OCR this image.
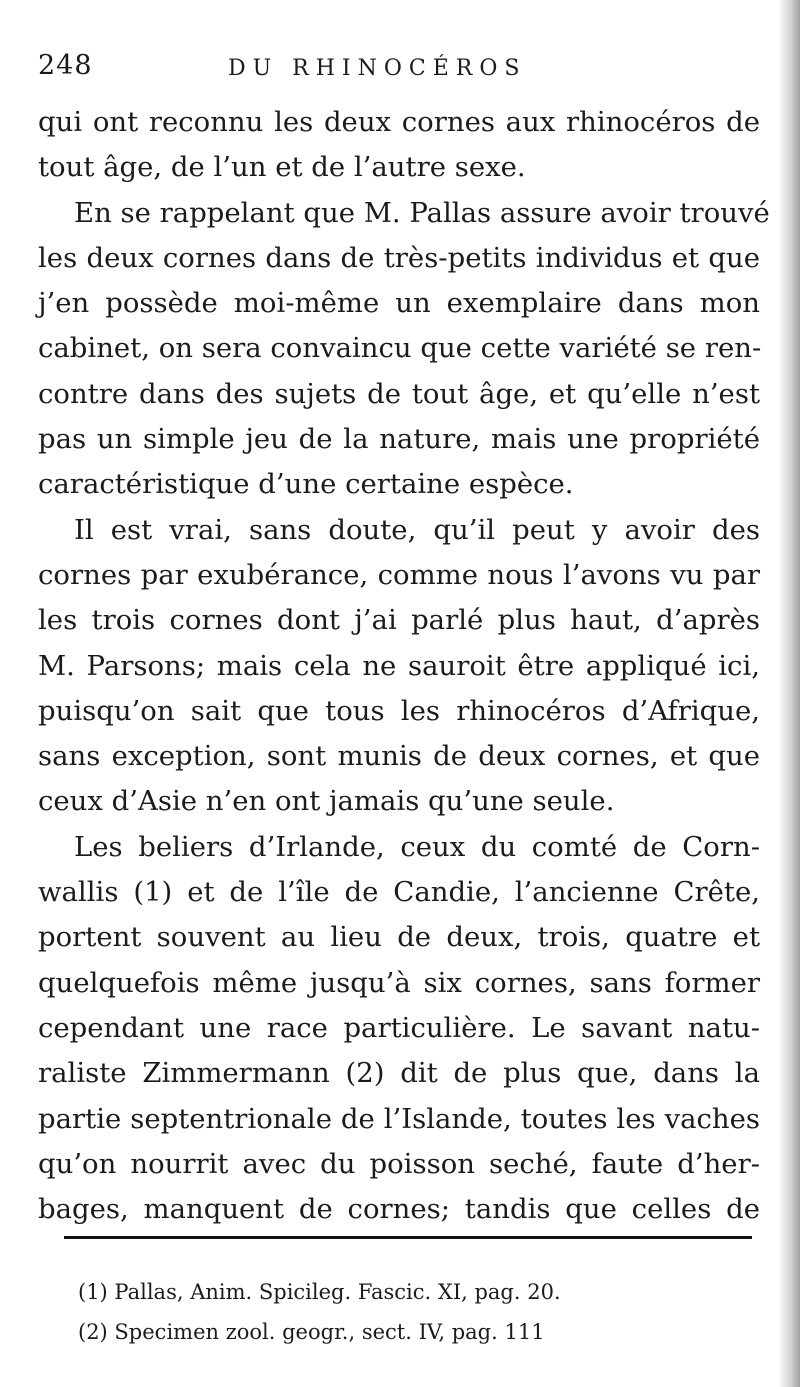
248	DU RHINOCÉROS
qui ont reconnu les deux cornes aux rhinocéros de
tout âge, de l’un et de l’autre sexe.
En se rappelant que M. Pallas assure avoir trouvé
les deux cornes dans de très-petits individus et que
j’en possède moi-même un exemplaire dans mon
cabinet, on sera convaincu que cette variété se ren-
contre dans des sujets de tout âge, et qu’elle n’est
pas un simple jeu de la nature, mais une propriété
caractéristique d’une certaine espèce.
Il est vrai, sans doute, qu’il peut y avoir des
cornes par exubérance, comme nous l’avons vu par
les trois cornes dont j’ai parlé plus haut, d’après
M. Parsons; mais cela ne sauroit être appliqué ici,
puisqu’on sait que tous les rhinocéros d’Afrique,
sans exception, sont munis de deux cornes, et que
ceux d’Asie n’en ont jamais qu’une seule.
Les beliers d’Irlande, ceux du comté de Corn-
wallis (1) et de l’île de Candie, l’ancienne Crête,
portent souvent au lieu de deux, trois, quatre et
quelquefois même jusqu’à six cornes, sans former
cependant une race particulière. Le savant natu-
raliste Zimmermann (2) dit de plus que, dans la
partie septentrionale de l’Islande, toutes les vaches
qu’on nourrit avec du poisson seché, faute d’her-
bages, manquent de cornes; tandis que celles de
(1) Pallas, Anim. Spicileg. Fascic. XI, pag. 20.
(2) Specimen zool. geogr., sect. IV, pag. 111
